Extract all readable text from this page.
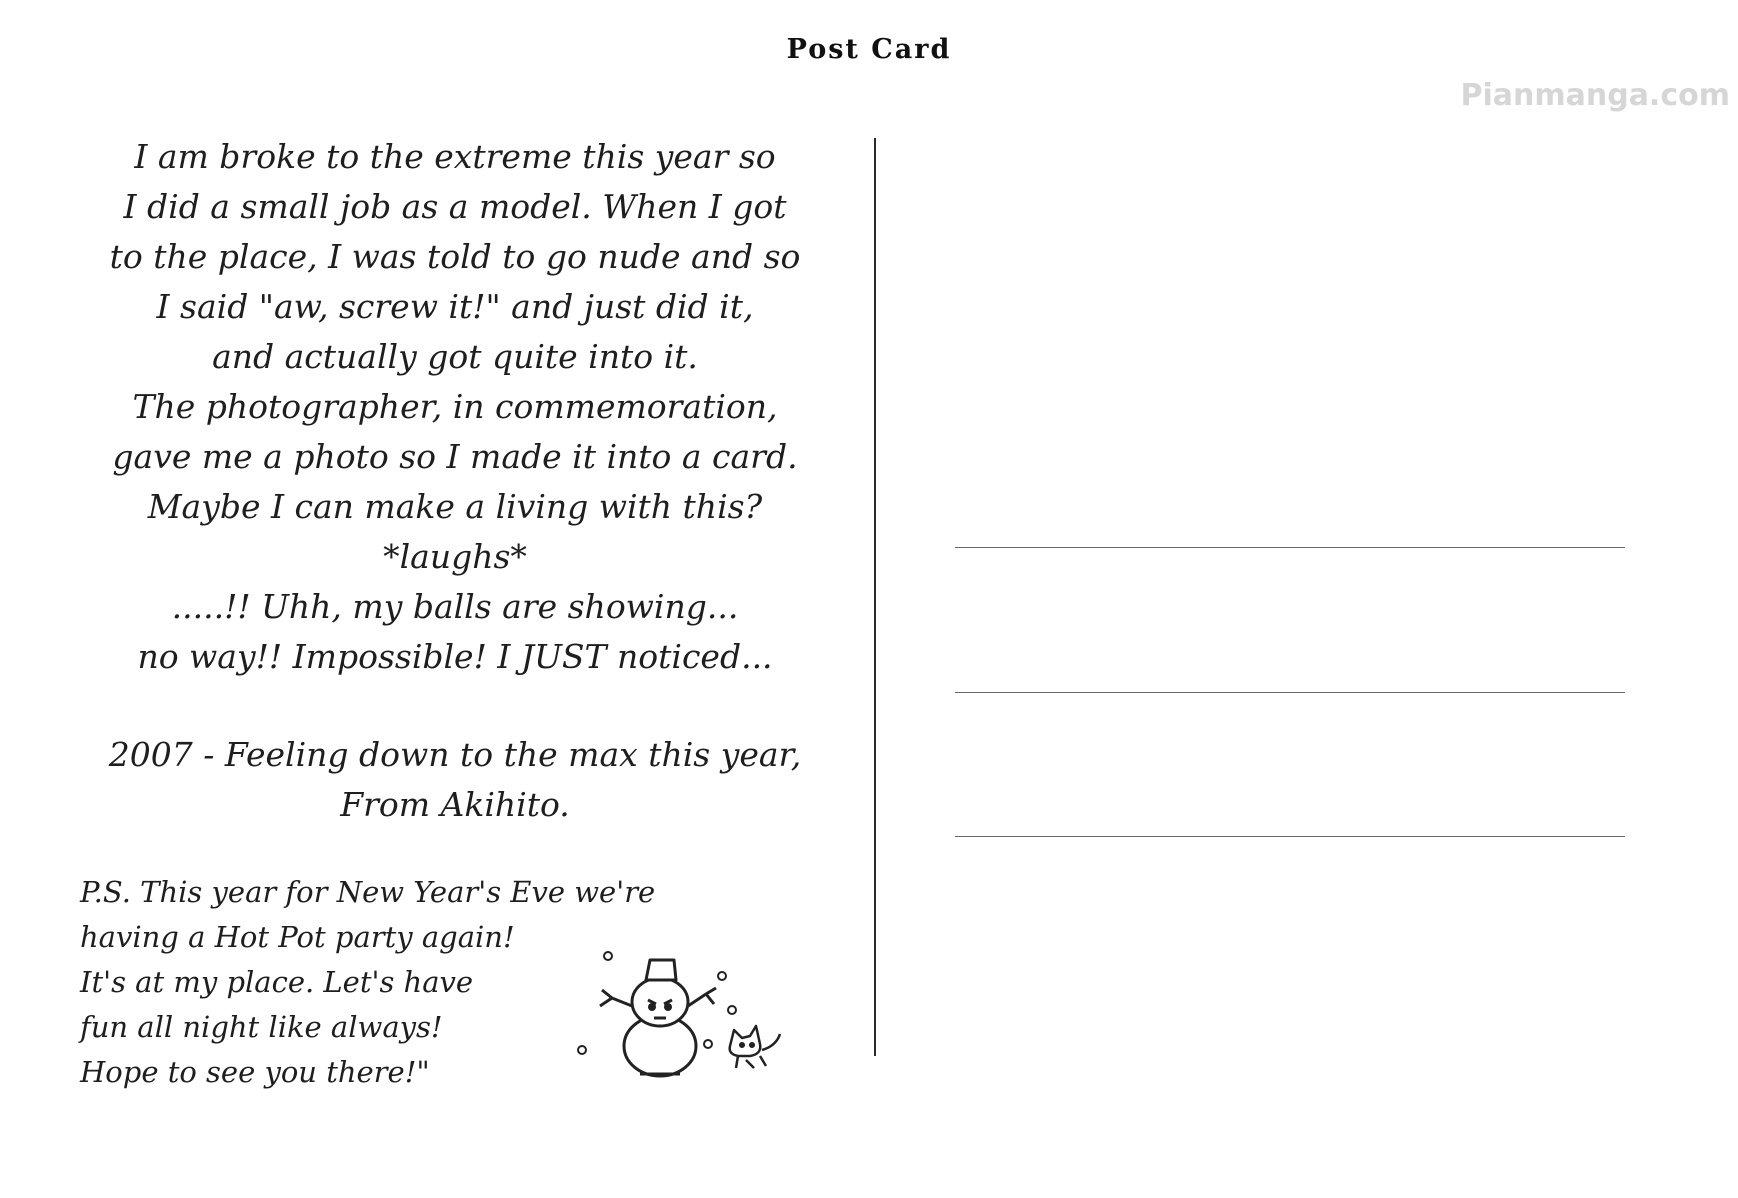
Post Card
Pianmanga.com
I am broke to the extreme this year so
I did a small job as a model. When I got
to the place, I was told to go nude and so
I said "aw, screw it!" and just did it,
and actually got quite into it.
The photographer, in commemoration,
gave me a photo so I made it into a card.
Maybe I can make a living with this?
*laughs*
.....!! Uhh, my balls are showing...
no way!! Impossible! I JUST noticed...
2007 - Feeling down to the max this year,
From Akihito.
P.S. This year for New Year's Eve we're
having a Hot Pot party again!
It's at my place. Let's have
fun all night like always!
Hope to see you there!"
